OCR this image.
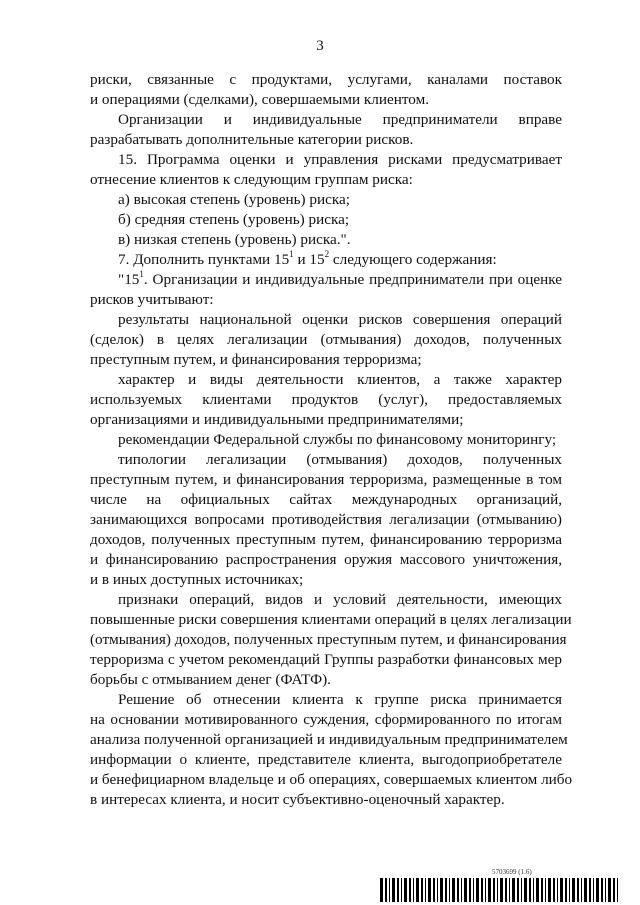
3
риски, связанные с продуктами, услугами, каналами поставок
и операциями (сделками), совершаемыми клиентом.
Организации и индивидуальные предприниматели вправе
разрабатывать дополнительные категории рисков.
15. Программа оценки и управления рисками предусматривает
отнесение клиентов к следующим группам риска:
а) высокая степень (уровень) риска;
б) средняя степень (уровень) риска;
в) низкая степень (уровень) риска.".
7. Дополнить пунктами $15^1$ и $15^2$ следующего содержания:
"$15^1$. Организации и индивидуальные предприниматели при оценке
рисков учитывают:
результаты национальной оценки рисков совершения операций
(сделок) в целях легализации (отмывания) доходов, полученных
преступным путем, и финансирования терроризма;
характер и виды деятельности клиентов, а также характер
используемых клиентами продуктов (услуг), предоставляемых
организациями и индивидуальными предпринимателями;
рекомендации Федеральной службы по финансовому мониторингу;
типологии легализации (отмывания) доходов, полученных
преступным путем, и финансирования терроризма, размещенные в том
числе на официальных сайтах международных организаций,
занимающихся вопросами противодействия легализации (отмыванию)
доходов, полученных преступным путем, финансированию терроризма
и финансированию распространения оружия массового уничтожения,
и в иных доступных источниках;
признаки операций, видов и условий деятельности, имеющих
повышенные риски совершения клиентами операций в целях легализации
(отмывания) доходов, полученных преступным путем, и финансирования
терроризма с учетом рекомендаций Группы разработки финансовых мер
борьбы с отмыванием денег (ФАТФ).
Решение об отнесении клиента к группе риска принимается
на основании мотивированного суждения, сформированного по итогам
анализа полученной организацией и индивидуальным предпринимателем
информации о клиенте, представителе клиента, выгодоприобретателе
и бенефициарном владельце и об операциях, совершаемых клиентом либо
в интересах клиента, и носит субъективно-оценочный характер.
5703699 (1.6)
